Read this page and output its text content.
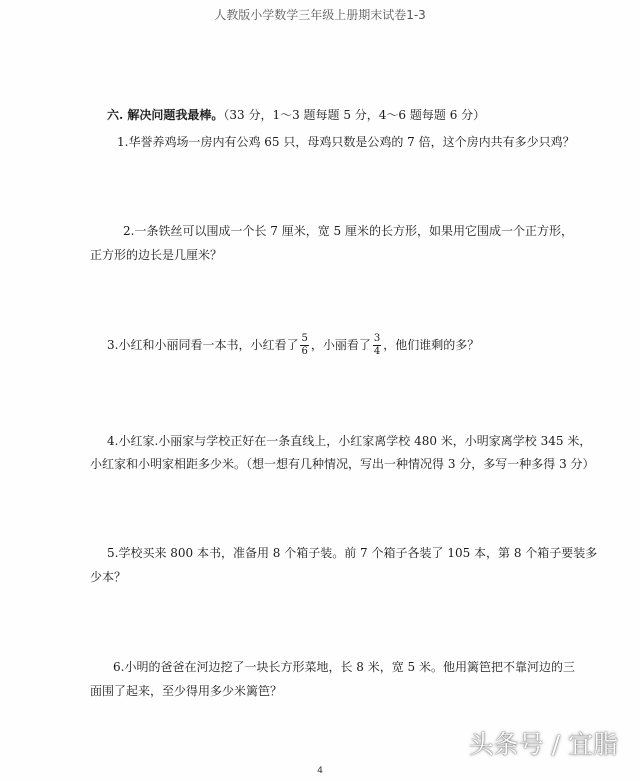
人教版小学数学三年级上册期末试卷1-3
六. 解决问题我最棒。（33 分，1～3 题每题 5 分，4～6 题每题 6 分）
1.华誉养鸡场一房内有公鸡 65 只，母鸡只数是公鸡的 7 倍，这个房内共有多少只鸡？
2.一条铁丝可以围成一个长 7 厘米，宽 5 厘米的长方形，如果用它围成一个正方形，
正方形的边长是几厘米？
3.小红和小丽同看一本书，小红看了 $\frac{5}{6}$ ，小丽看了 $\frac{3}{4}$ ，他们谁剩的多？
4.小红家.小丽家与学校正好在一条直线上，小红家离学校 480 米，小明家离学校 345 米，
小红家和小明家相距多少米。（想一想有几种情况，写出一种情况得 3 分，多写一种多得 3 分）
5.学校买来 800 本书，准备用 8 个箱子装。前 7 个箱子各装了 105 本，第 8 个箱子要装多
少本？
6.小明的爸爸在河边挖了一块长方形菜地，长 8 米，宽 5 米。他用篱笆把不靠河边的三
面围了起来，至少得用多少米篱笆？
头条号 / 宜脂
4
